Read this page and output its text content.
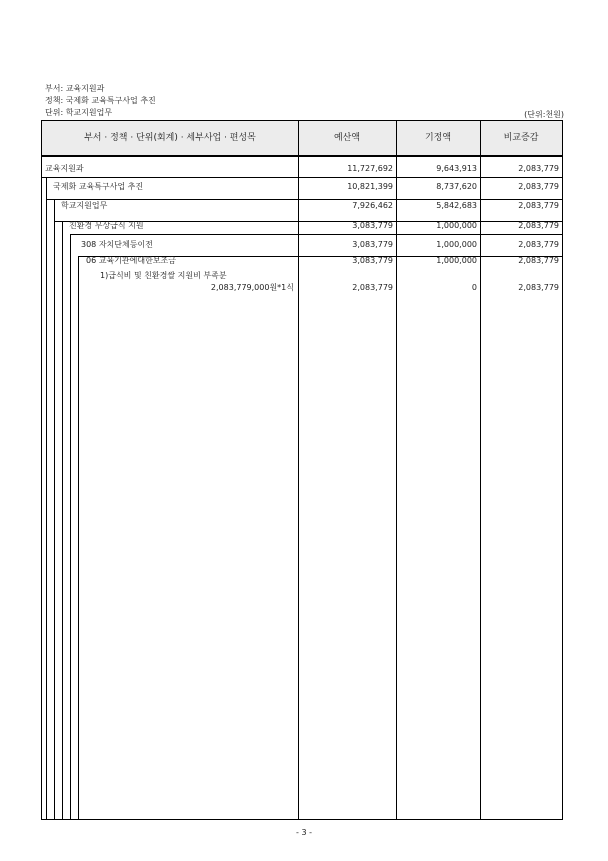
부서: 교육지원과
정책: 국제화 교육특구사업 추진
단위: 학교지원업무	(단위:천원)
부서 · 정책 · 단위(회계) · 세부사업 · 편성목	예산액	기정액	비교증감
교육지원과	11,727,692	9,643,913	2,083,779
국제화 교육특구사업 추진	10,821,399	8,737,620	2,083,779
학교지원업무	7,926,462	5,842,683	2,083,779
친환경 무상급식 지원	3,083,779	1,000,000	2,083,779
308 자치단체등이전	3,083,779	1,000,000	2,083,779
06 교육기관에대한보조금	3,083,779	1,000,000	2,083,779
1)급식비 및 친환경쌀 지원비 부족분
2,083,779,000원*1식	2,083,779	0	2,083,779
- 3 -
